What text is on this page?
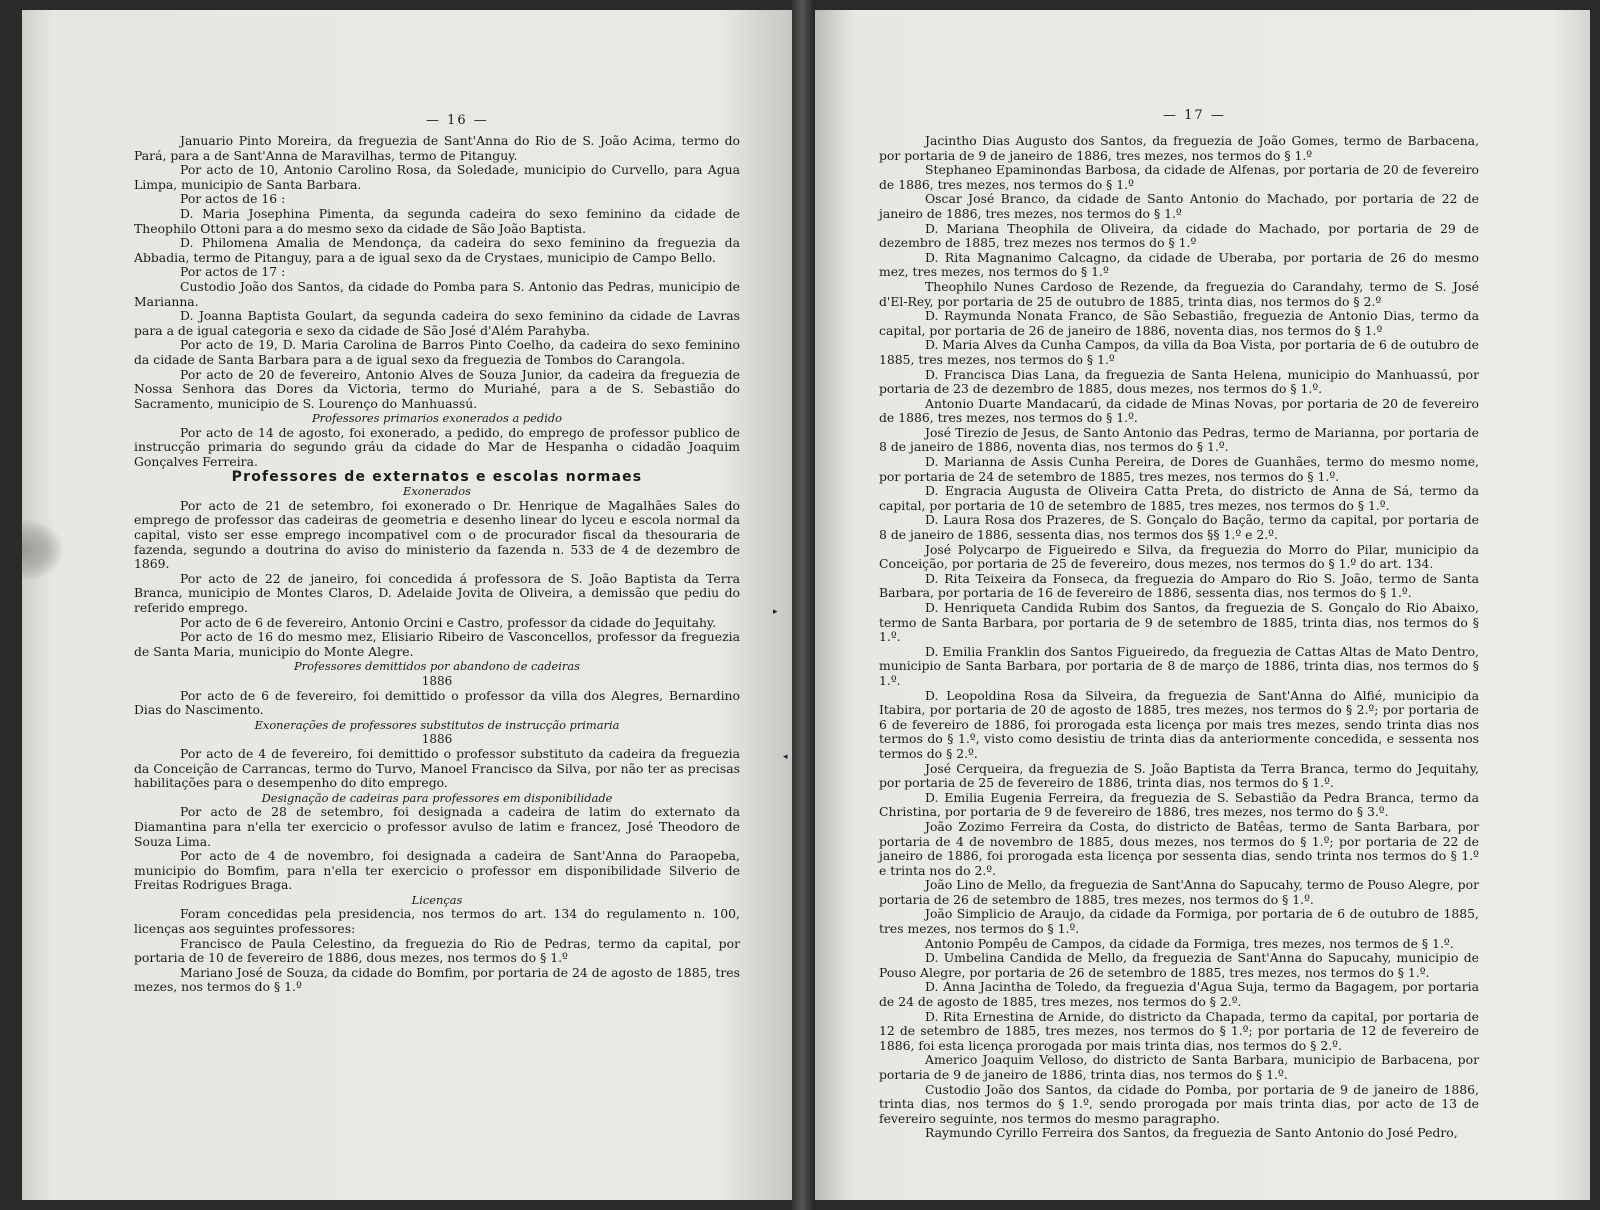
— 16 —

Januario Pinto Moreira, da freguezia de Sant'Anna do Rio de S. João Acima, termo do Pará, para a de Sant'Anna de Maravilhas, termo de Pitanguy.

Por acto de 10, Antonio Carolino Rosa, da Soledade, municipio do Curvello, para Agua Limpa, municipio de Santa Barbara.

Por actos de 16 :

D. Maria Josephina Pimenta, da segunda cadeira do sexo feminino da cidade de Theophilo Ottoni para a do mesmo sexo da cidade de São João Baptista.

D. Philomena Amalia de Mendonça, da cadeira do sexo feminino da freguezia da Abbadia, termo de Pitanguy, para a de igual sexo da de Crystaes, municipio de Campo Bello.

Por actos de 17 :

Custodio João dos Santos, da cidade do Pomba para S. Antonio das Pedras, municipio de Marianna.

D. Joanna Baptista Goulart, da segunda cadeira do sexo feminino da cidade de Lavras para a de igual categoria e sexo da cidade de São José d'Além Parahyba.

Por acto de 19, D. Maria Carolina de Barros Pinto Coelho, da cadeira do sexo feminino da cidade de Santa Barbara para a de igual sexo da freguezia de Tombos do Carangola.

Por acto de 20 de fevereiro, Antonio Alves de Souza Junior, da cadeira da freguezia de Nossa Senhora das Dores da Victoria, termo do Muriahé, para a de S. Sebastião do Sacramento, municipio de S. Lourenço do Manhuassú.

Professores primarios exonerados a pedido

Por acto de 14 de agosto, foi exonerado, a pedido, do emprego de professor publico de instrucção primaria do segundo gráu da cidade do Mar de Hespanha o cidadão Joaquim Gonçalves Ferreira.

Professores de externatos e escolas normaes

Exonerados

Por acto de 21 de setembro, foi exonerado o Dr. Henrique de Magalhães Sales do emprego de professor das cadeiras de geometria e desenho linear do lyceu e escola normal da capital, visto ser esse emprego incompativel com o de procurador fiscal da thesouraria de fazenda, segundo a doutrina do aviso do ministerio da fazenda n. 533 de 4 de dezembro de 1869.

Por acto de 22 de janeiro, foi concedida á professora de S. João Baptista da Terra Branca, municipio de Montes Claros, D. Adelaide Jovita de Oliveira, a demissão que pediu do referido emprego.

Por acto de 6 de fevereiro, Antonio Orcini e Castro, professor da cidade do Jequitahy.

Por acto de 16 do mesmo mez, Elisiario Ribeiro de Vasconcellos, professor da freguezia de Santa Maria, municipio do Monte Alegre.

Professores demittidos por abandono de cadeiras

1886

Por acto de 6 de fevereiro, foi demittido o professor da villa dos Alegres, Bernardino Dias do Nascimento.

Exonerações de professores substitutos de instrucção primaria

1886

Por acto de 4 de fevereiro, foi demittido o professor substituto da cadeira da freguezia da Conceição de Carrancas, termo do Turvo, Manoel Francisco da Silva, por não ter as precisas habilitações para o desempenho do dito emprego.

Designação de cadeiras para professores em disponibilidade

Por acto de 28 de setembro, foi designada a cadeira de latim do externato da Diamantina para n'ella ter exercicio o professor avulso de latim e francez, José Theodoro de Souza Lima.

Por acto de 4 de novembro, foi designada a cadeira de Sant'Anna do Paraopeba, municipio do Bomfim, para n'ella ter exercicio o professor em disponibilidade Silverio de Freitas Rodrigues Braga.

Licenças

Foram concedidas pela presidencia, nos termos do art. 134 do regulamento n. 100, licenças aos seguintes professores:

Francisco de Paula Celestino, da freguezia do Rio de Pedras, termo da capital, por portaria de 10 de fevereiro de 1886, dous mezes, nos termos do § 1.º

Mariano José de Souza, da cidade do Bomfim, por portaria de 24 de agosto de 1885, tres mezes, nos termos do § 1.º

▸
◂
— 17 —

Jacintho Dias Augusto dos Santos, da freguezia de João Gomes, termo de Barbacena, por portaria de 9 de janeiro de 1886, tres mezes, nos termos do § 1.º

Stephaneo Epaminondas Barbosa, da cidade de Alfenas, por portaria de 20 de fevereiro de 1886, tres mezes, nos termos do § 1.º

Oscar José Branco, da cidade de Santo Antonio do Machado, por portaria de 22 de janeiro de 1886, tres mezes, nos termos do § 1.º

D. Mariana Theophila de Oliveira, da cidade do Machado, por portaria de 29 de dezembro de 1885, trez mezes nos termos do § 1.º

D. Rita Magnanimo Calcagno, da cidade de Uberaba, por portaria de 26 do mesmo mez, tres mezes, nos termos do § 1.º

Theophilo Nunes Cardoso de Rezende, da freguezia do Carandahy, termo de S. José d'El-Rey, por portaria de 25 de outubro de 1885, trinta dias, nos termos do § 2.º

D. Raymunda Nonata Franco, de São Sebastião, freguezia de Antonio Dias, termo da capital, por portaria de 26 de janeiro de 1886, noventa dias, nos termos do § 1.º

D. Maria Alves da Cunha Campos, da villa da Boa Vista, por portaria de 6 de outubro de 1885, tres mezes, nos termos do § 1.º

D. Francisca Dias Lana, da freguezia de Santa Helena, municipio do Manhuassú, por portaria de 23 de dezembro de 1885, dous mezes, nos termos do § 1.º.

Antonio Duarte Mandacarú, da cidade de Minas Novas, por portaria de 20 de fevereiro de 1886, tres mezes, nos termos do § 1.º.

José Tirezio de Jesus, de Santo Antonio das Pedras, termo de Marianna, por portaria de 8 de janeiro de 1886, noventa dias, nos termos do § 1.º.

D. Marianna de Assis Cunha Pereira, de Dores de Guanhães, termo do mesmo nome, por portaria de 24 de setembro de 1885, tres mezes, nos termos do § 1.º.

D. Engracia Augusta de Oliveira Catta Preta, do districto de Anna de Sá, termo da capital, por portaria de 10 de setembro de 1885, tres mezes, nos termos do § 1.º.

D. Laura Rosa dos Prazeres, de S. Gonçalo do Bação, termo da capital, por portaria de 8 de janeiro de 1886, sessenta dias, nos termos dos §§ 1.º e 2.º.

José Polycarpo de Figueiredo e Silva, da freguezia do Morro do Pilar, municipio da Conceição, por portaria de 25 de fevereiro, dous mezes, nos termos do § 1.º do art. 134.

D. Rita Teixeira da Fonseca, da freguezia do Amparo do Rio S. João, termo de Santa Barbara, por portaria de 16 de fevereiro de 1886, sessenta dias, nos termos do § 1.º.

D. Henriqueta Candida Rubim dos Santos, da freguezia de S. Gonçalo do Rio Abaixo, termo de Santa Barbara, por portaria de 9 de setembro de 1885, trinta dias, nos termos do § 1.º.

D. Emilia Franklin dos Santos Figueiredo, da freguezia de Cattas Altas de Mato Dentro, municipio de Santa Barbara, por portaria de 8 de março de 1886, trinta dias, nos termos do § 1.º.

D. Leopoldina Rosa da Silveira, da freguezia de Sant'Anna do Alfié, municipio da Itabira, por portaria de 20 de agosto de 1885, tres mezes, nos termos do § 2.º; por portaria de 6 de fevereiro de 1886, foi prorogada esta licença por mais tres mezes, sendo trinta dias nos termos do § 1.º, visto como desistiu de trinta dias da anteriormente concedida, e sessenta nos termos do § 2.º.

José Cerqueira, da freguezia de S. João Baptista da Terra Branca, termo do Jequitahy, por portaria de 25 de fevereiro de 1886, trinta dias, nos termos do § 1.º.

D. Emilia Eugenia Ferreira, da freguezia de S. Sebastião da Pedra Branca, termo da Christina, por portaria de 9 de fevereiro de 1886, tres mezes, nos termo do § 3.º.

João Zozimo Ferreira da Costa, do districto de Batêas, termo de Santa Barbara, por portaria de 4 de novembro de 1885, dous mezes, nos termos do § 1.º; por portaria de 22 de janeiro de 1886, foi prorogada esta licença por sessenta dias, sendo trinta nos termos do § 1.º e trinta nos do 2.º.

João Lino de Mello, da freguezia de Sant'Anna do Sapucahy, termo de Pouso Alegre, por portaria de 26 de setembro de 1885, tres mezes, nos termos do § 1.º.

João Simplicio de Araujo, da cidade da Formiga, por portaria de 6 de outubro de 1885, tres mezes, nos termos do § 1.º.

Antonio Pompêu de Campos, da cidade da Formiga, tres mezes, nos termos de § 1.º.

D. Umbelina Candida de Mello, da freguezia de Sant'Anna do Sapucahy, municipio de Pouso Alegre, por portaria de 26 de setembro de 1885, tres mezes, nos termos do § 1.º.

D. Anna Jacintha de Toledo, da freguezia d'Agua Suja, termo da Bagagem, por portaria de 24 de agosto de 1885, tres mezes, nos termos do § 2.º.

D. Rita Ernestina de Arnide, do districto da Chapada, termo da capital, por portaria de 12 de setembro de 1885, tres mezes, nos termos do § 1.º; por portaria de 12 de fevereiro de 1886, foi esta licença prorogada por mais trinta dias, nos termos do § 2.º.

Americo Joaquim Velloso, do districto de Santa Barbara, municipio de Barbacena, por portaria de 9 de janeiro de 1886, trinta dias, nos termos do § 1.º.

Custodio João dos Santos, da cidade do Pomba, por portaria de 9 de janeiro de 1886, trinta dias, nos termos do § 1.º, sendo prorogada por mais trinta dias, por acto de 13 de fevereiro seguinte, nos termos do mesmo paragrapho.

Raymundo Cyrillo Ferreira dos Santos, da freguezia de Santo Antonio do José Pedro,
